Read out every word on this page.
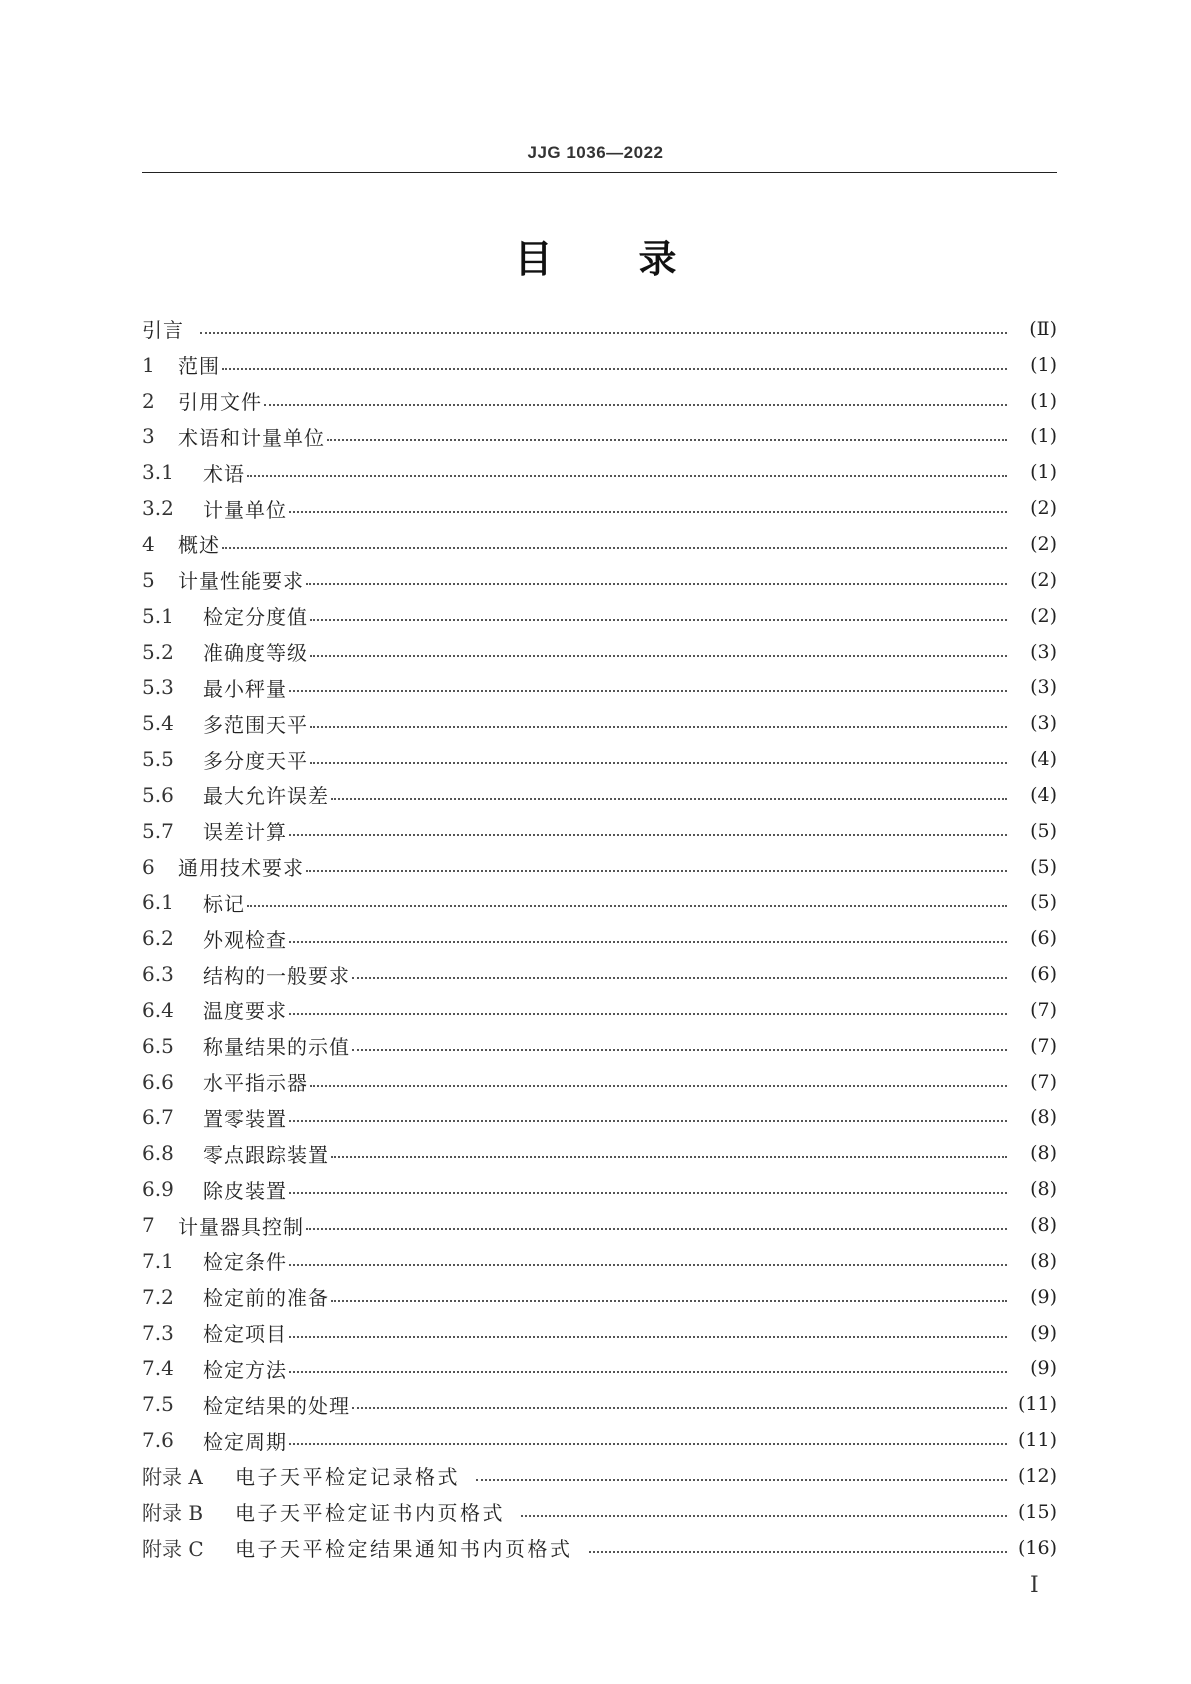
JJG 1036—2022
目 录
引言	(Ⅱ)
1	范围	(1)
2	引用文件	(1)
3	术语和计量单位	(1)
3.1	术语	(1)
3.2	计量单位	(2)
4	概述	(2)
5	计量性能要求	(2)
5.1	检定分度值	(2)
5.2	准确度等级	(3)
5.3	最小秤量	(3)
5.4	多范围天平	(3)
5.5	多分度天平	(4)
5.6	最大允许误差	(4)
5.7	误差计算	(5)
6	通用技术要求	(5)
6.1	标记	(5)
6.2	外观检查	(6)
6.3	结构的一般要求	(6)
6.4	温度要求	(7)
6.5	称量结果的示值	(7)
6.6	水平指示器	(7)
6.7	置零装置	(8)
6.8	零点跟踪装置	(8)
6.9	除皮装置	(8)
7	计量器具控制	(8)
7.1	检定条件	(8)
7.2	检定前的准备	(9)
7.3	检定项目	(9)
7.4	检定方法	(9)
7.5	检定结果的处理	(11)
7.6	检定周期	(11)
附录 A	电子天平检定记录格式	(12)
附录 B	电子天平检定证书内页格式	(15)
附录 C	电子天平检定结果通知书内页格式	(16)
Ⅰ
